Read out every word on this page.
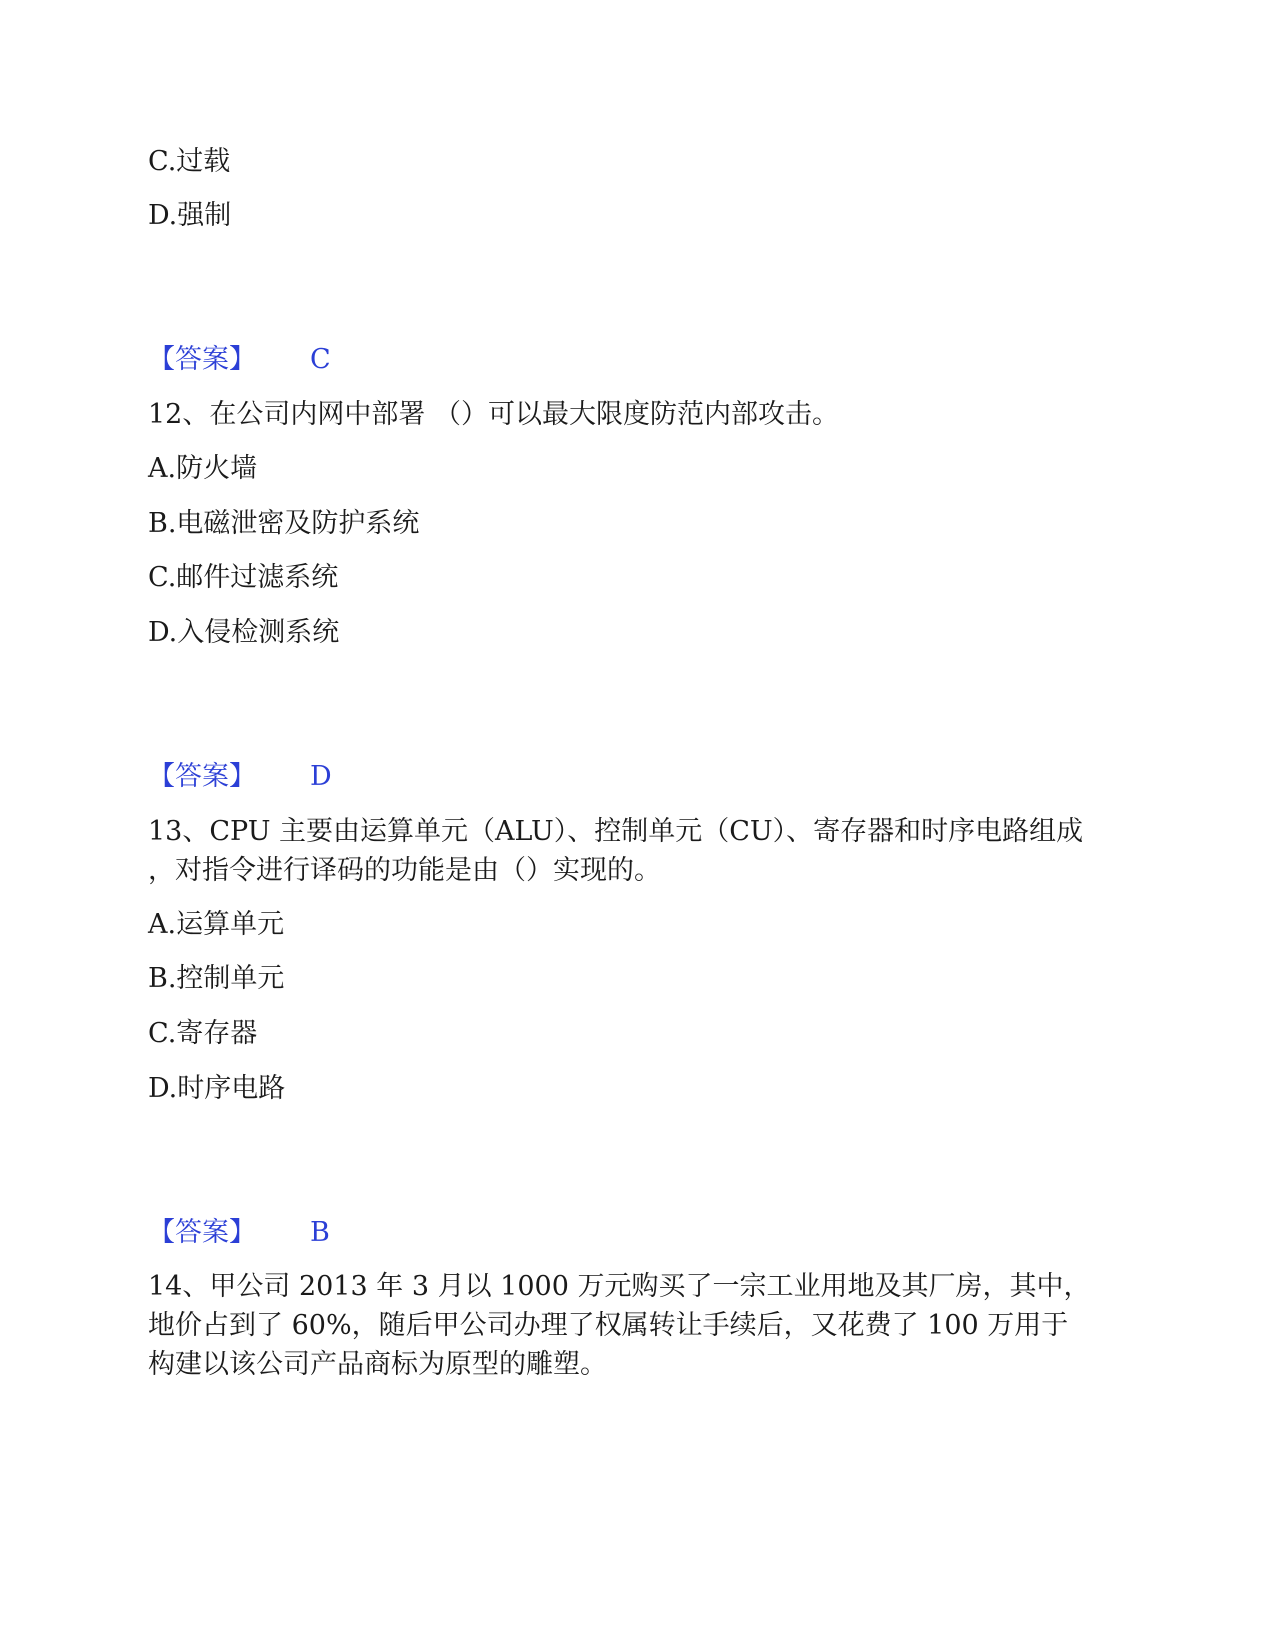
C.过载
D.强制
【答案】 C
12、在公司内网中部署 （）可以最大限度防范内部攻击。
A.防火墙
B.电磁泄密及防护系统
C.邮件过滤系统
D.入侵检测系统
【答案】 D
13、CPU 主要由运算单元（ALU）、控制单元（CU）、寄存器和时序电路组成
，对指令进行译码的功能是由（）实现的。
A.运算单元
B.控制单元
C.寄存器
D.时序电路
【答案】 B
14、甲公司 2013 年 3 月以 1000 万元购买了一宗工业用地及其厂房，其中，
地价占到了 60%，随后甲公司办理了权属转让手续后，又花费了 100 万用于
构建以该公司产品商标为原型的雕塑。
